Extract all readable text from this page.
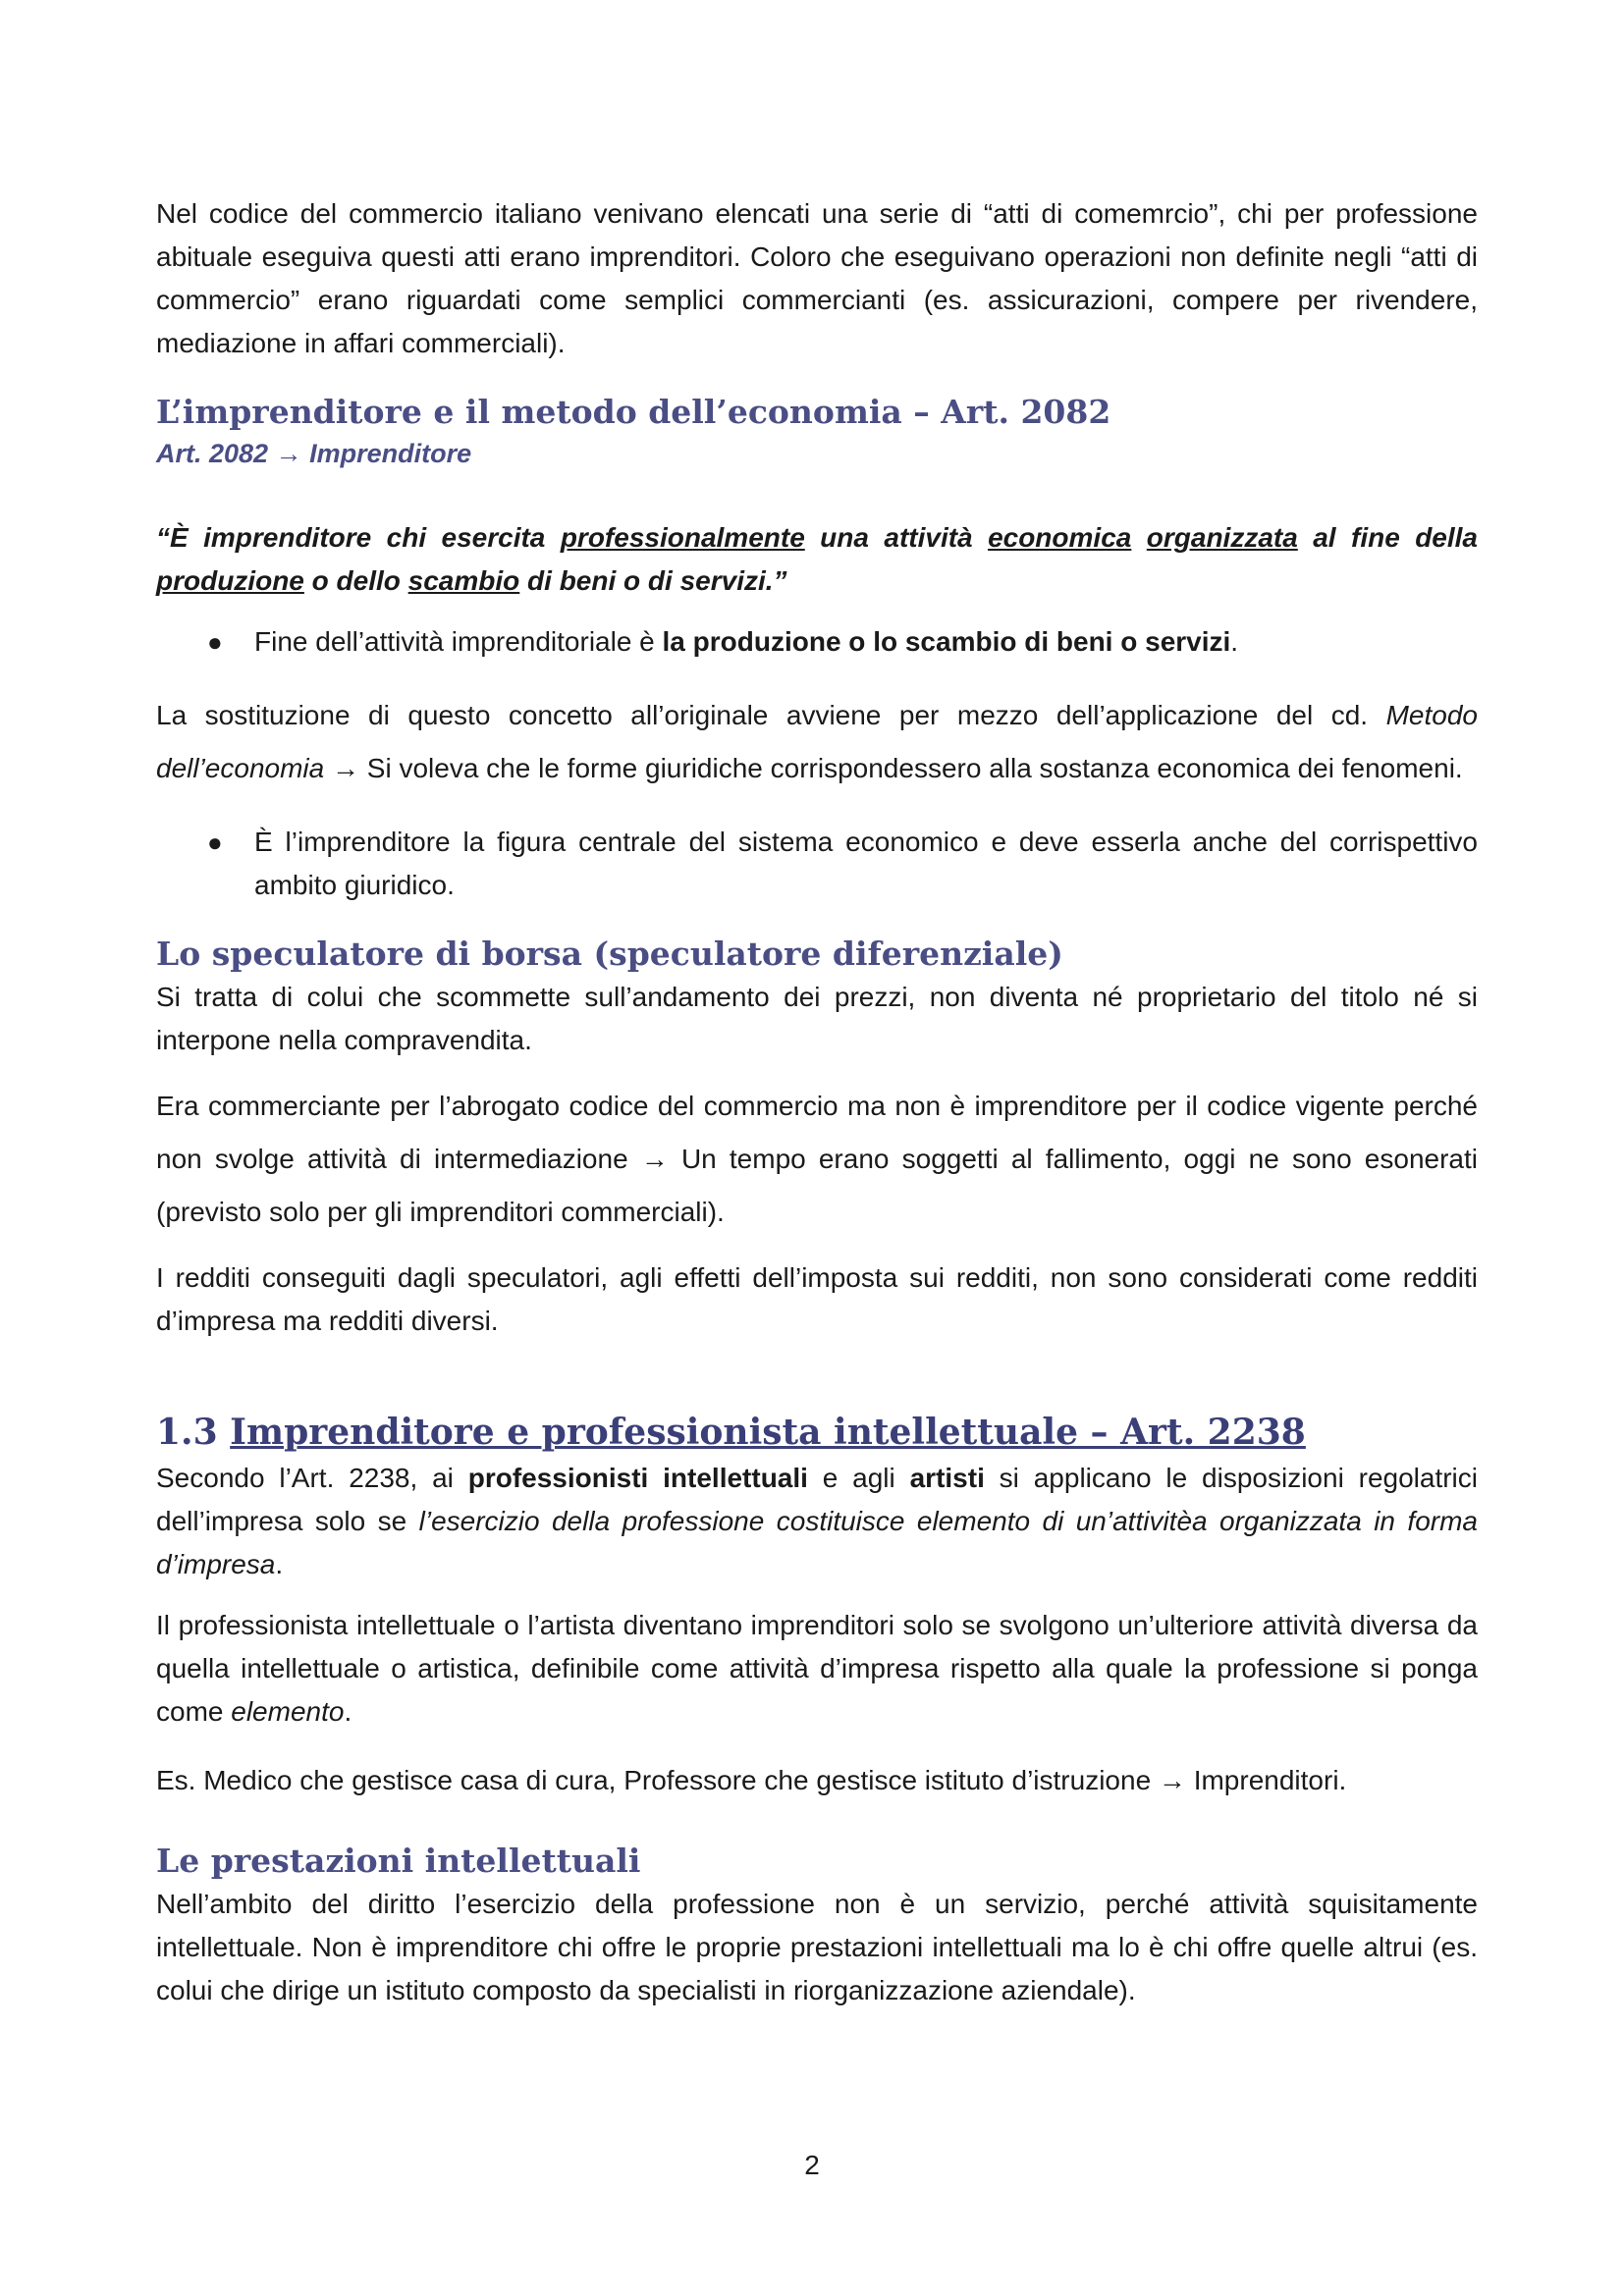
Nel codice del commercio italiano venivano elencati una serie di “atti di comemrcio”, chi per professione abituale eseguiva questi atti erano imprenditori. Coloro che eseguivano operazioni non definite negli “atti di commercio” erano riguardati come semplici commercianti (es. assicurazioni, compere per rivendere, mediazione in affari commerciali).

L’imprenditore e il metodo dell’economia – Art. 2082
Art. 2082 → Imprenditore

“È imprenditore chi esercita professionalmente una attività economica organizzata al fine della produzione o dello scambio di beni o di servizi.”

● Fine dell’attività imprenditoriale è la produzione o lo scambio di beni o servizi.

La sostituzione di questo concetto all’originale avviene per mezzo dell’applicazione del cd. Metodo dell’economia → Si voleva che le forme giuridiche corrispondessero alla sostanza economica dei fenomeni.

● È l’imprenditore la figura centrale del sistema economico e deve esserla anche del corrispettivo ambito giuridico.
Lo speculatore di borsa (speculatore diferenziale)

Si tratta di colui che scommette sull’andamento dei prezzi, non diventa né proprietario del titolo né si interpone nella compravendita.

Era commerciante per l’abrogato codice del commercio ma non è imprenditore per il codice vigente perché non svolge attività di intermediazione → Un tempo erano soggetti al fallimento, oggi ne sono esonerati (previsto solo per gli imprenditori commerciali).

I redditi conseguiti dagli speculatori, agli effetti dell’imposta sui redditi, non sono considerati come redditi d’impresa ma redditi diversi.

1.3 Imprenditore e professionista intellettuale – Art. 2238

Secondo l’Art. 2238, ai professionisti intellettuali e agli artisti si applicano le disposizioni regolatrici dell’impresa solo se l’esercizio della professione costituisce elemento di un’attivitèa organizzata in forma d’impresa.

Il professionista intellettuale o l’artista diventano imprenditori solo se svolgono un’ulteriore attività diversa da quella intellettuale o artistica, definibile come attività d’impresa rispetto alla quale la professione si ponga come elemento.

Es. Medico che gestisce casa di cura, Professore che gestisce istituto d’istruzione → Imprenditori.

Le prestazioni intellettuali

Nell’ambito del diritto l’esercizio della professione non è un servizio, perché attività squisitamente intellettuale. Non è imprenditore chi offre le proprie prestazioni intellettuali ma lo è chi offre quelle altrui (es. colui che dirige un istituto composto da specialisti in riorganizzazione aziendale).

2
